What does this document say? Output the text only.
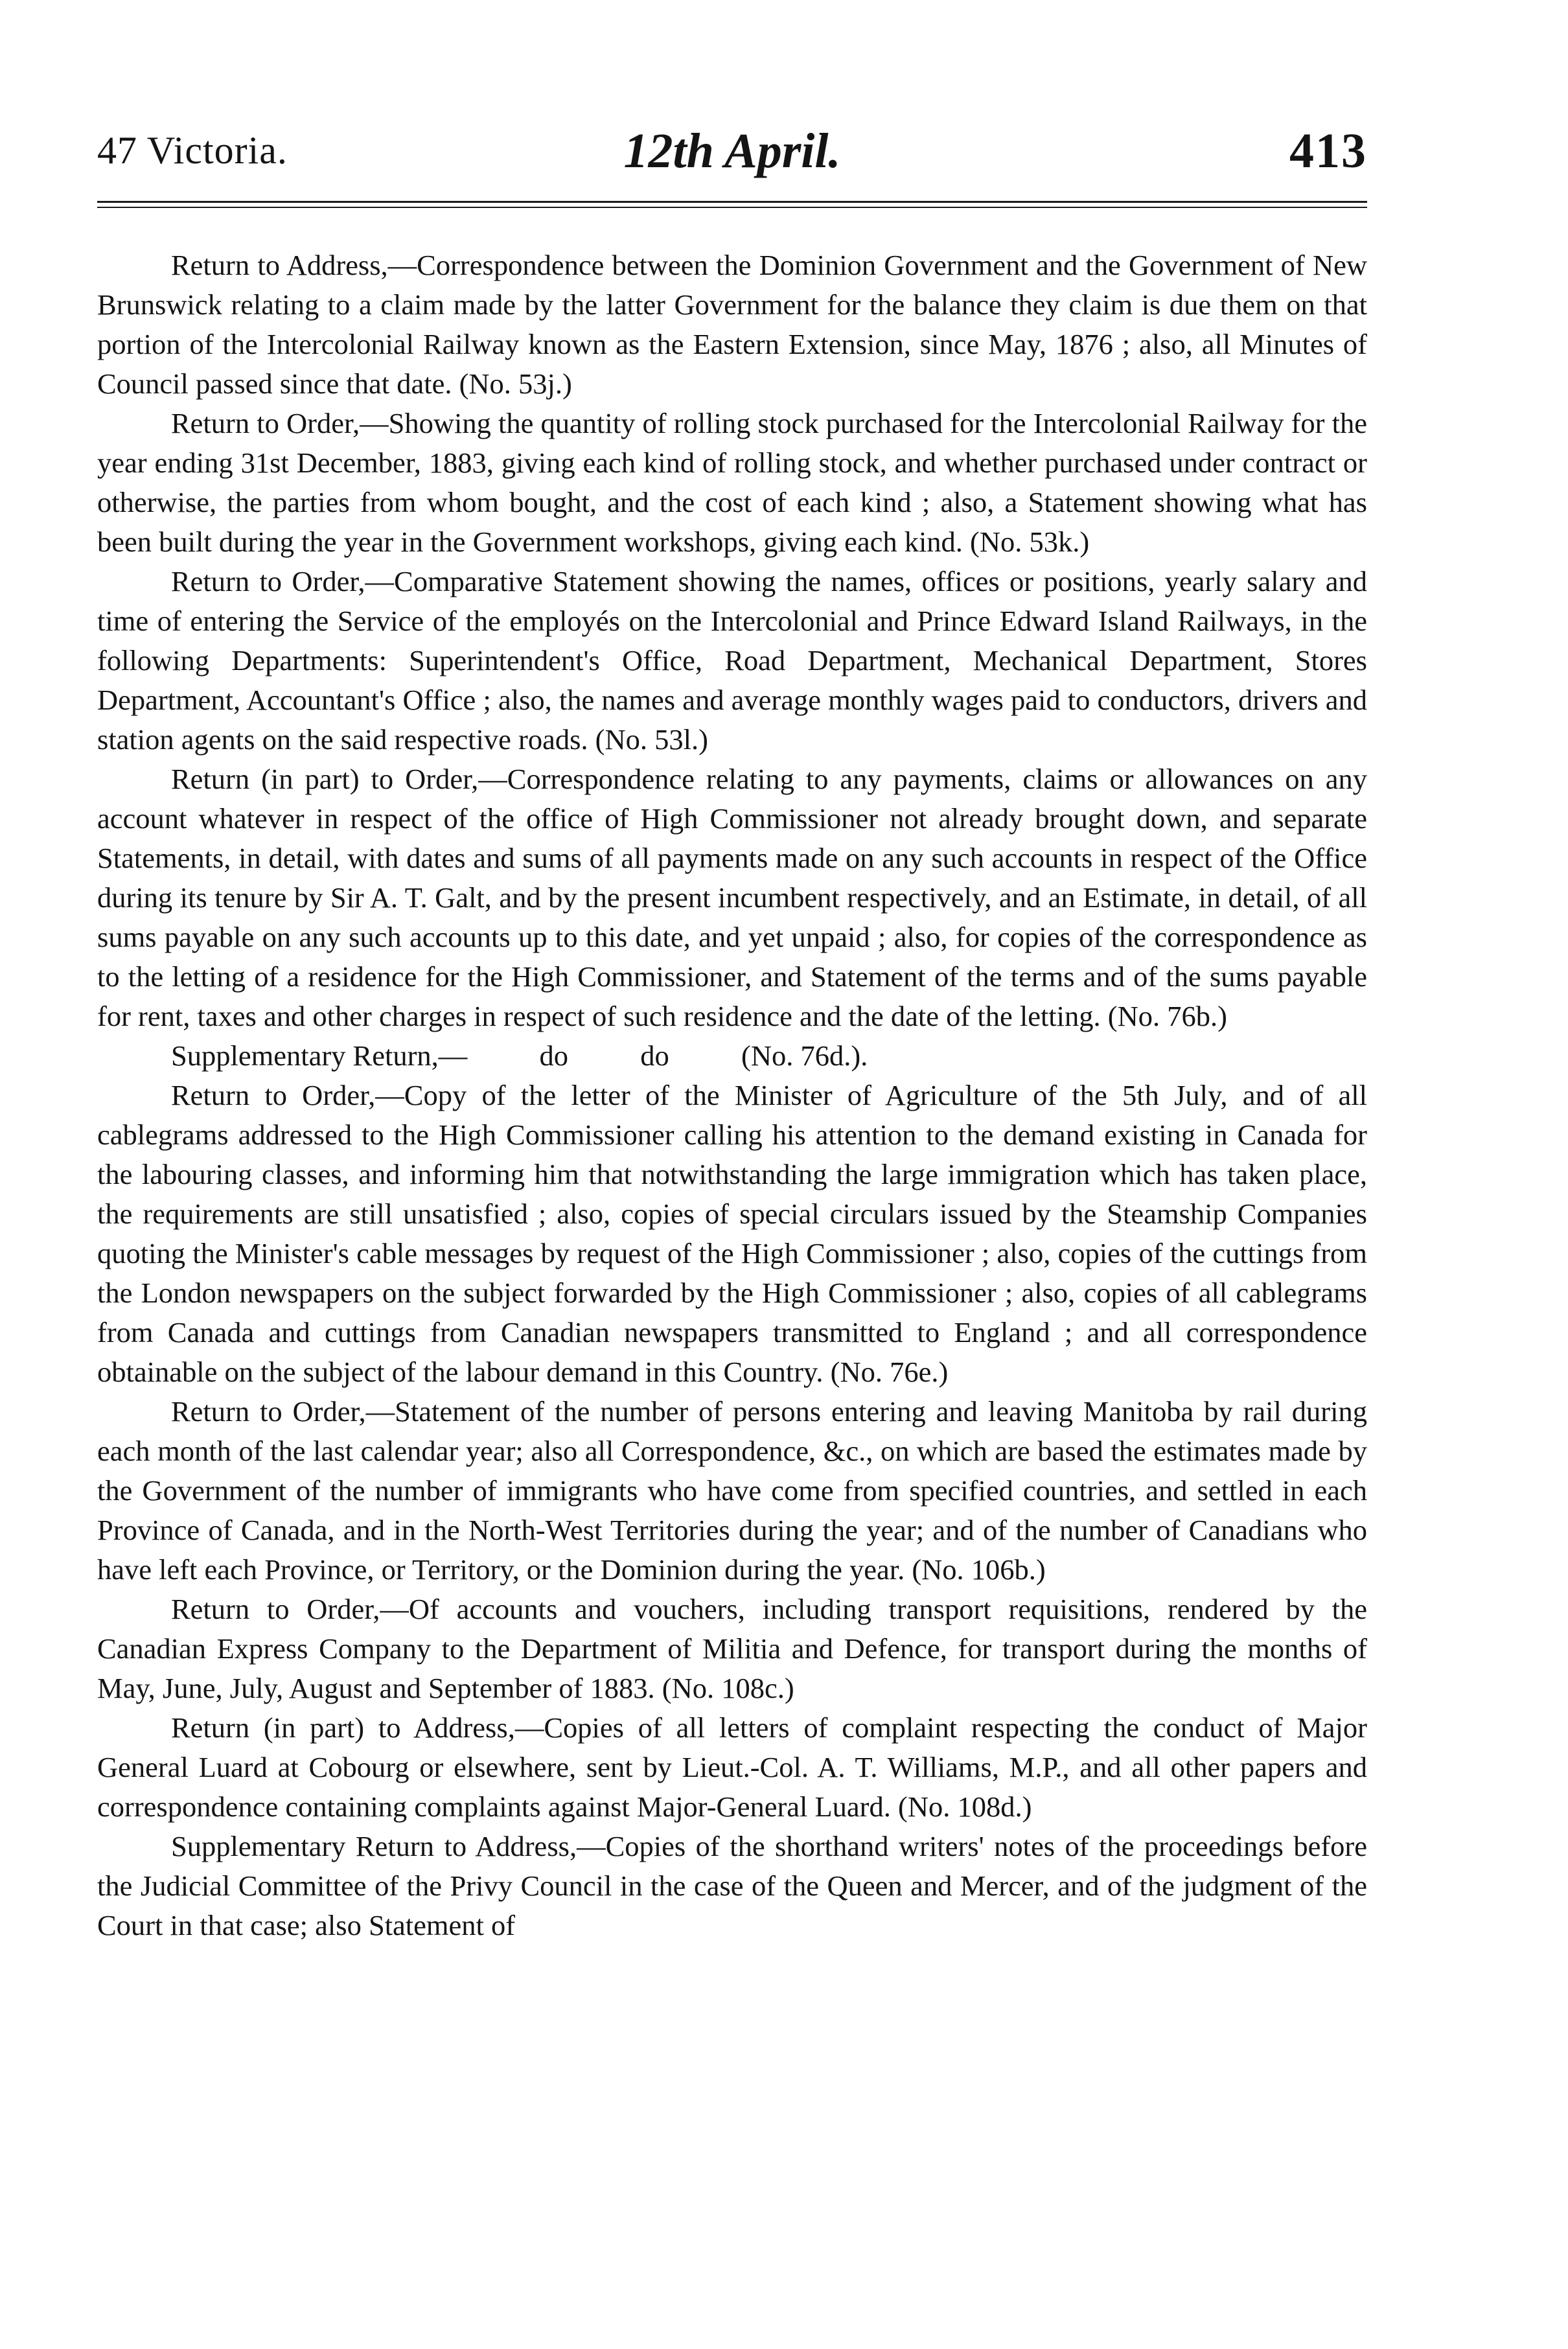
47 Victoria.	12th April.	413

Return to Address,—Correspondence between the Dominion Government and the Government of New Brunswick relating to a claim made by the latter Government for the balance they claim is due them on that portion of the Intercolonial Railway known as the Eastern Extension, since May, 1876 ; also, all Minutes of Council passed since that date. (No. 53j.)

Return to Order,—Showing the quantity of rolling stock purchased for the Intercolonial Railway for the year ending 31st December, 1883, giving each kind of rolling stock, and whether purchased under contract or otherwise, the parties from whom bought, and the cost of each kind ; also, a Statement showing what has been built during the year in the Government workshops, giving each kind. (No. 53k.)

Return to Order,—Comparative Statement showing the names, offices or positions, yearly salary and time of entering the Service of the employés on the Intercolonial and Prince Edward Island Railways, in the following Departments: Superintendent's Office, Road Department, Mechanical Department, Stores Department, Accountant's Office ; also, the names and average monthly wages paid to conductors, drivers and station agents on the said respective roads. (No. 53l.)

Return (in part) to Order,—Correspondence relating to any payments, claims or allowances on any account whatever in respect of the office of High Commissioner not already brought down, and separate Statements, in detail, with dates and sums of all payments made on any such accounts in respect of the Office during its tenure by Sir A. T. Galt, and by the present incumbent respectively, and an Estimate, in detail, of all sums payable on any such accounts up to this date, and yet unpaid ; also, for copies of the correspondence as to the letting of a residence for the High Commissioner, and Statement of the terms and of the sums payable for rent, taxes and other charges in respect of such residence and the date of the letting. (No. 76b.)

Supplementary Return,—          do          do          (No. 76d.).

Return to Order,—Copy of the letter of the Minister of Agriculture of the 5th July, and of all cablegrams addressed to the High Commissioner calling his attention to the demand existing in Canada for the labouring classes, and informing him that notwithstanding the large immigration which has taken place, the requirements are still unsatisfied ; also, copies of special circulars issued by the Steamship Companies quoting the Minister's cable messages by request of the High Commissioner ; also, copies of the cuttings from the London newspapers on the subject forwarded by the High Commissioner ; also, copies of all cablegrams from Canada and cuttings from Canadian newspapers transmitted to England ; and all correspondence obtainable on the subject of the labour demand in this Country. (No. 76e.)

Return to Order,—Statement of the number of persons entering and leaving Manitoba by rail during each month of the last calendar year; also all Correspondence, &c., on which are based the estimates made by the Government of the number of immigrants who have come from specified countries, and settled in each Province of Canada, and in the North-West Territories during the year; and of the number of Canadians who have left each Province, or Territory, or the Dominion during the year. (No. 106b.)

Return to Order,—Of accounts and vouchers, including transport requisitions, rendered by the Canadian Express Company to the Department of Militia and Defence, for transport during the months of May, June, July, August and September of 1883. (No. 108c.)

Return (in part) to Address,—Copies of all letters of complaint respecting the conduct of Major General Luard at Cobourg or elsewhere, sent by Lieut.-Col. A. T. Williams, M.P., and all other papers and correspondence containing complaints against Major-General Luard. (No. 108d.)

Supplementary Return to Address,—Copies of the shorthand writers' notes of the proceedings before the Judicial Committee of the Privy Council in the case of the Queen and Mercer, and of the judgment of the Court in that case; also Statement of
